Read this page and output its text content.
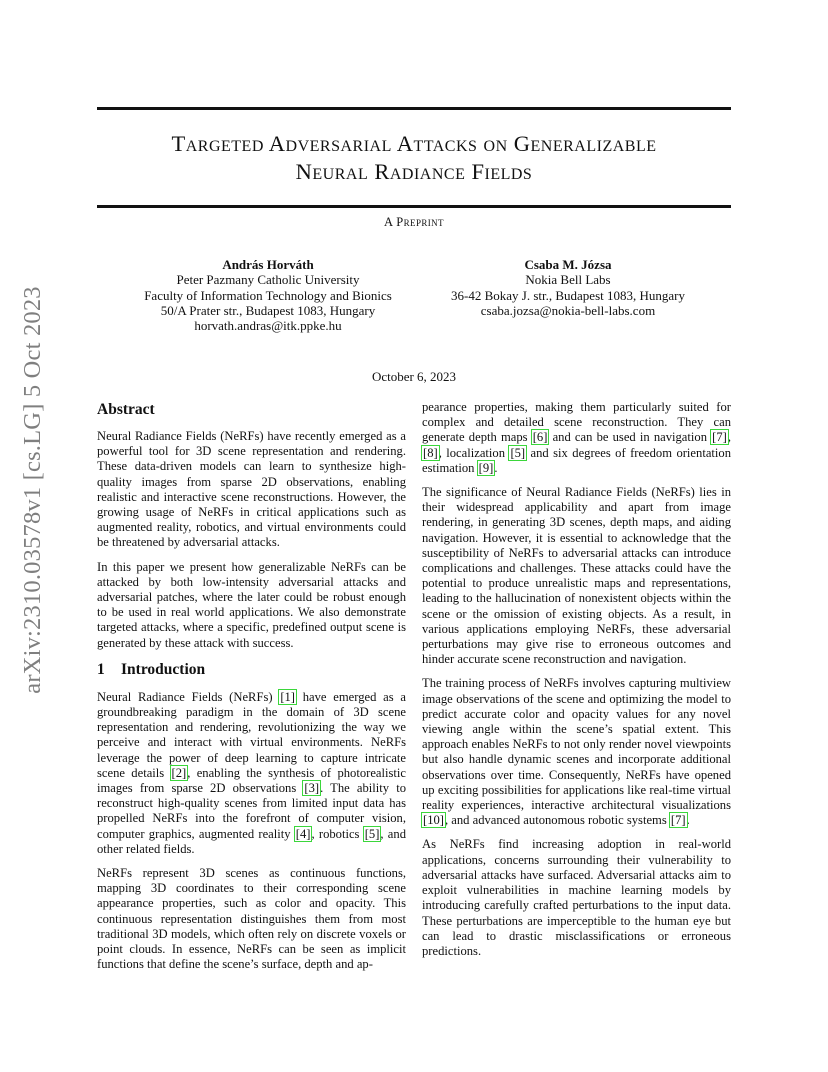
Targeted Adversarial Attacks on Generalizable
Neural Radiance Fields
A Preprint
András Horváth
Peter Pazmany Catholic University
Faculty of Information Technology and Bionics
50/A Prater str., Budapest 1083, Hungary
horvath.andras@itk.ppke.hu
Csaba M. Józsa
Nokia Bell Labs
36-42 Bokay J. str., Budapest 1083, Hungary
csaba.jozsa@nokia-bell-labs.com
October 6, 2023
arXiv:2310.03578v1 [cs.LG] 5 Oct 2023	Abstract

Neural Radiance Fields (NeRFs) have recently emerged as a powerful tool for 3D scene representation and rendering. These data-driven models can learn to synthesize high-quality images from sparse 2D observations, enabling realistic and interactive scene reconstructions. However, the growing usage of NeRFs in critical applications such as augmented reality, robotics, and virtual environments could be threatened by adversarial attacks.

In this paper we present how generalizable NeRFs can be attacked by both low-intensity adversarial attacks and adversarial patches, where the later could be robust enough to be used in real world applications. We also demonstrate targeted attacks, where a specific, predefined output scene is generated by these attack with success.

1 Introduction

Neural Radiance Fields (NeRFs) [1] have emerged as a groundbreaking paradigm in the domain of 3D scene representation and rendering, revolutionizing the way we perceive and interact with virtual environments. NeRFs leverage the power of deep learning to capture intricate scene details [2], enabling the synthesis of photorealistic images from sparse 2D observations [3]. The ability to reconstruct high-quality scenes from limited input data has propelled NeRFs into the forefront of computer vision, computer graphics, augmented reality [4], robotics [5], and other related fields.

NeRFs represent 3D scenes as continuous functions, mapping 3D coordinates to their corresponding scene appearance properties, such as color and opacity. This continuous representation distinguishes them from most traditional 3D models, which often rely on discrete voxels or point clouds. In essence, NeRFs can be seen as implicit functions that define the scene’s surface, depth and ap-

pearance properties, making them particularly suited for complex and detailed scene reconstruction. They can generate depth maps [6] and can be used in navigation [7], [8], localization [5] and six degrees of freedom orientation estimation [9].

The significance of Neural Radiance Fields (NeRFs) lies in their widespread applicability and apart from image rendering, in generating 3D scenes, depth maps, and aiding navigation. However, it is essential to acknowledge that the susceptibility of NeRFs to adversarial attacks can introduce complications and challenges. These attacks could have the potential to produce unrealistic maps and representations, leading to the hallucination of nonexistent objects within the scene or the omission of existing objects. As a result, in various applications employing NeRFs, these adversarial perturbations may give rise to erroneous outcomes and hinder accurate scene reconstruction and navigation.

The training process of NeRFs involves capturing multiview image observations of the scene and optimizing the model to predict accurate color and opacity values for any novel viewing angle within the scene’s spatial extent. This approach enables NeRFs to not only render novel viewpoints but also handle dynamic scenes and incorporate additional observations over time. Consequently, NeRFs have opened up exciting possibilities for applications like real-time virtual reality experiences, interactive architectural visualizations [10], and advanced autonomous robotic systems [7].

As NeRFs find increasing adoption in real-world applications, concerns surrounding their vulnerability to adversarial attacks have surfaced. Adversarial attacks aim to exploit vulnerabilities in machine learning models by introducing carefully crafted perturbations to the input data. These perturbations are imperceptible to the human eye but can lead to drastic misclassifications or erroneous predictions.
